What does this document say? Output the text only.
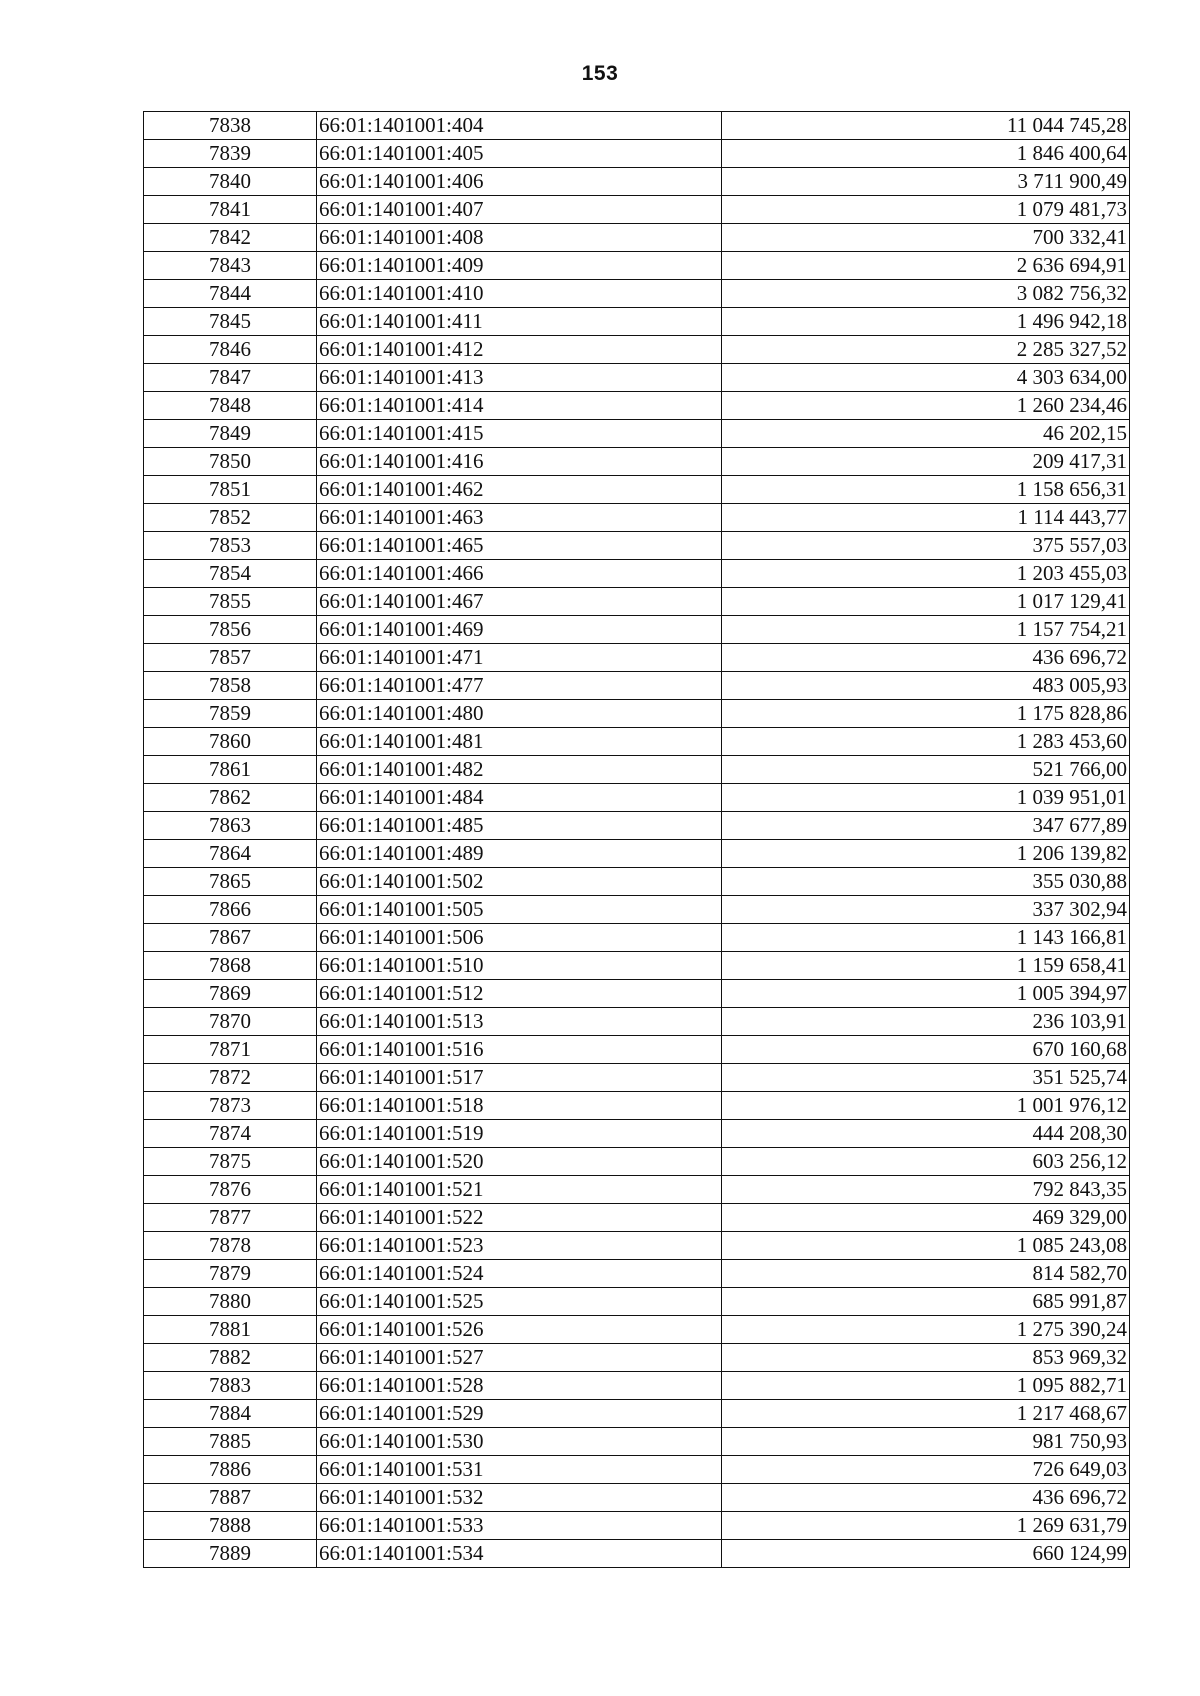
153
7838	66:01:1401001:404	11 044 745,28
7839	66:01:1401001:405	1 846 400,64
7840	66:01:1401001:406	3 711 900,49
7841	66:01:1401001:407	1 079 481,73
7842	66:01:1401001:408	700 332,41
7843	66:01:1401001:409	2 636 694,91
7844	66:01:1401001:410	3 082 756,32
7845	66:01:1401001:411	1 496 942,18
7846	66:01:1401001:412	2 285 327,52
7847	66:01:1401001:413	4 303 634,00
7848	66:01:1401001:414	1 260 234,46
7849	66:01:1401001:415	46 202,15
7850	66:01:1401001:416	209 417,31
7851	66:01:1401001:462	1 158 656,31
7852	66:01:1401001:463	1 114 443,77
7853	66:01:1401001:465	375 557,03
7854	66:01:1401001:466	1 203 455,03
7855	66:01:1401001:467	1 017 129,41
7856	66:01:1401001:469	1 157 754,21
7857	66:01:1401001:471	436 696,72
7858	66:01:1401001:477	483 005,93
7859	66:01:1401001:480	1 175 828,86
7860	66:01:1401001:481	1 283 453,60
7861	66:01:1401001:482	521 766,00
7862	66:01:1401001:484	1 039 951,01
7863	66:01:1401001:485	347 677,89
7864	66:01:1401001:489	1 206 139,82
7865	66:01:1401001:502	355 030,88
7866	66:01:1401001:505	337 302,94
7867	66:01:1401001:506	1 143 166,81
7868	66:01:1401001:510	1 159 658,41
7869	66:01:1401001:512	1 005 394,97
7870	66:01:1401001:513	236 103,91
7871	66:01:1401001:516	670 160,68
7872	66:01:1401001:517	351 525,74
7873	66:01:1401001:518	1 001 976,12
7874	66:01:1401001:519	444 208,30
7875	66:01:1401001:520	603 256,12
7876	66:01:1401001:521	792 843,35
7877	66:01:1401001:522	469 329,00
7878	66:01:1401001:523	1 085 243,08
7879	66:01:1401001:524	814 582,70
7880	66:01:1401001:525	685 991,87
7881	66:01:1401001:526	1 275 390,24
7882	66:01:1401001:527	853 969,32
7883	66:01:1401001:528	1 095 882,71
7884	66:01:1401001:529	1 217 468,67
7885	66:01:1401001:530	981 750,93
7886	66:01:1401001:531	726 649,03
7887	66:01:1401001:532	436 696,72
7888	66:01:1401001:533	1 269 631,79
7889	66:01:1401001:534	660 124,99
